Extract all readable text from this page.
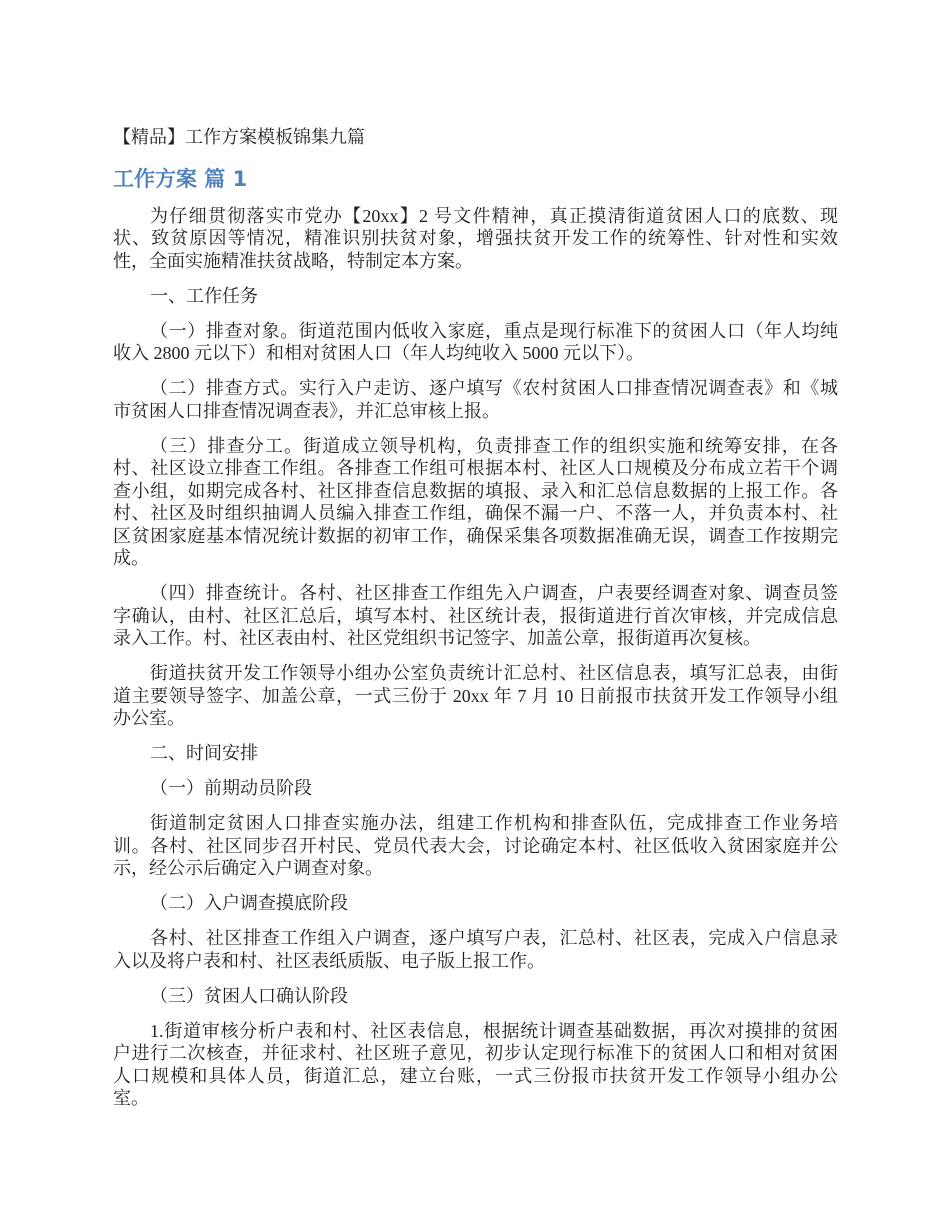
【精品】工作方案模板锦集九篇
工作方案 篇 1
为仔细贯彻落实市党办【20xx】2 号文件精神，真正摸清街道贫困人口的底数、现
状、致贫原因等情况，精准识别扶贫对象，增强扶贫开发工作的统筹性、针对性和实效
性，全面实施精准扶贫战略，特制定本方案。
一、工作任务
（一）排查对象。街道范围内低收入家庭，重点是现行标准下的贫困人口（年人均纯
收入 2800 元以下）和相对贫困人口（年人均纯收入 5000 元以下）。
（二）排查方式。实行入户走访、逐户填写《农村贫困人口排查情况调查表》和《城
市贫困人口排查情况调查表》，并汇总审核上报。
（三）排查分工。街道成立领导机构，负责排查工作的组织实施和统筹安排，在各
村、社区设立排查工作组。各排查工作组可根据本村、社区人口规模及分布成立若干个调
查小组，如期完成各村、社区排查信息数据的填报、录入和汇总信息数据的上报工作。各
村、社区及时组织抽调人员编入排查工作组，确保不漏一户、不落一人，并负责本村、社
区贫困家庭基本情况统计数据的初审工作，确保采集各项数据准确无误，调查工作按期完
成。
（四）排查统计。各村、社区排查工作组先入户调查，户表要经调查对象、调查员签
字确认，由村、社区汇总后，填写本村、社区统计表，报街道进行首次审核，并完成信息
录入工作。村、社区表由村、社区党组织书记签字、加盖公章，报街道再次复核。
街道扶贫开发工作领导小组办公室负责统计汇总村、社区信息表，填写汇总表，由街
道主要领导签字、加盖公章，一式三份于 20xx 年 7 月 10 日前报市扶贫开发工作领导小组
办公室。
二、时间安排
（一）前期动员阶段
街道制定贫困人口排查实施办法，组建工作机构和排查队伍，完成排查工作业务培
训。各村、社区同步召开村民、党员代表大会，讨论确定本村、社区低收入贫困家庭并公
示，经公示后确定入户调查对象。
（二）入户调查摸底阶段
各村、社区排查工作组入户调查，逐户填写户表，汇总村、社区表，完成入户信息录
入以及将户表和村、社区表纸质版、电子版上报工作。
（三）贫困人口确认阶段
1.街道审核分析户表和村、社区表信息，根据统计调查基础数据，再次对摸排的贫困
户进行二次核查，并征求村、社区班子意见，初步认定现行标准下的贫困人口和相对贫困
人口规模和具体人员，街道汇总，建立台账，一式三份报市扶贫开发工作领导小组办公
室。
